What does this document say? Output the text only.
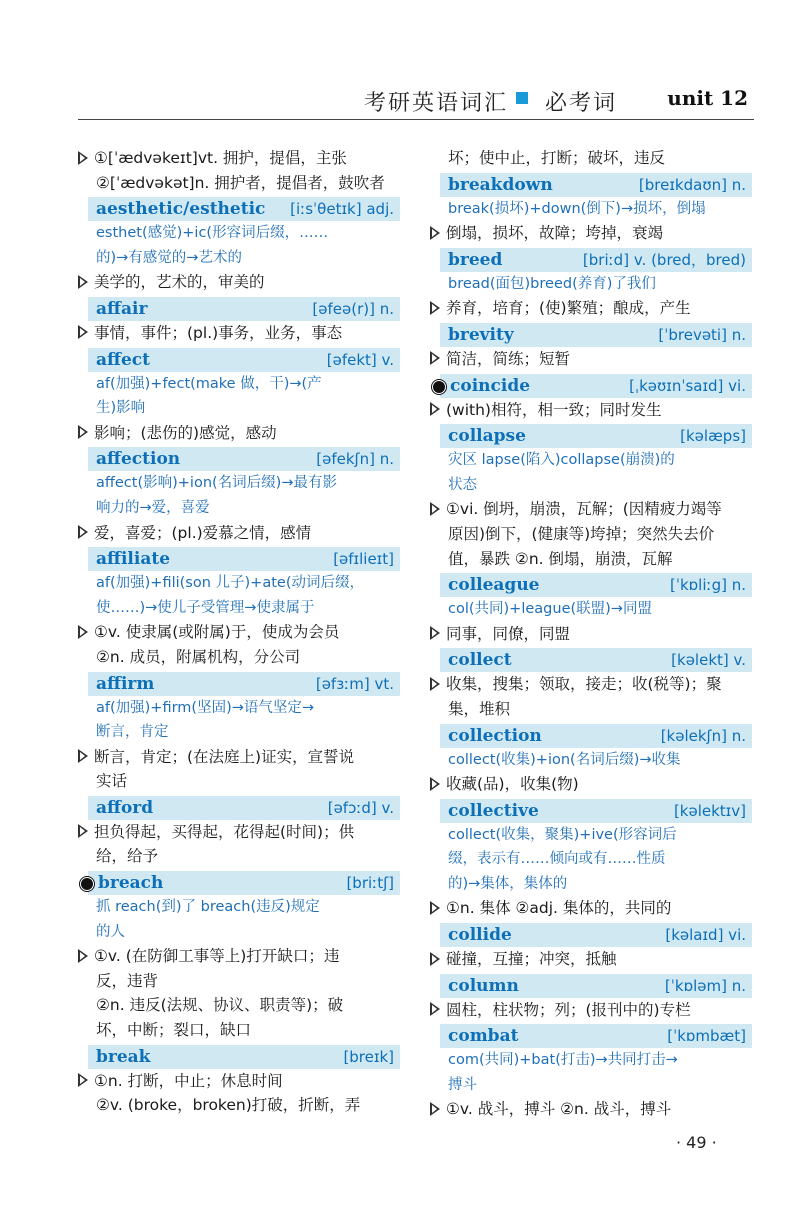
考研英语词汇 必考词	unit 12
①[ˈædvəkeɪt]vt. 拥护，提倡，主张
②[ˈædvəkət]n. 拥护者，提倡者，鼓吹者
aesthetic/esthetic [iːsˈθetɪk] adj.
esthet(感觉)+ic(形容词后缀，……
的)→有感觉的→艺术的
美学的，艺术的，审美的
affair	[əfeə(r)] n.
事情，事件；(pl.)事务，业务，事态
affect	[əfekt] v.
af(加强)+fect(make 做，干)→(产
生)影响
影响；(悲伤的)感觉，感动
affection	[əfekʃn] n.
affect(影响)+ion(名词后缀)→最有影
响力的→爱，喜爱
爱，喜爱；(pl.)爱慕之情，感情
affiliate	[əfɪlieɪt]
af(加强)+fili(son 儿子)+ate(动词后缀，
使……)→使儿子受管理→使隶属于
①v. 使隶属(或附属)于，使成为会员
②n. 成员，附属机构，分公司
affirm	[əfɜːm] vt.
af(加强)+firm(坚固)→语气坚定→
断言，肯定
断言，肯定；(在法庭上)证实，宣誓说
实话
afford	[əfɔːd] v.
担负得起，买得起，花得起(时间)；供
给，给予
breach	[briːtʃ]
抓 reach(到)了 breach(违反)规定
的人
①v. (在防御工事等上)打开缺口；违
反，违背
②n. 违反(法规、协议、职责等)；破
坏，中断；裂口，缺口
break	[breɪk]
①n. 打断，中止；休息时间
②v. (broke，broken)打破，折断，弄
坏；使中止，打断；破坏，违反
breakdown	[breɪkdaʊn] n.
break(损坏)+down(倒下)→损坏，倒塌
倒塌，损坏，故障；垮掉，衰竭
breed	[briːd] v. (bred，bred)
bread(面包)breed(养育)了我们
养育，培育；(使)繁殖；酿成，产生
brevity	[ˈbrevəti] n.
简洁，简练；短暂
coincide	[ˌkəʊɪnˈsaɪd] vi.
(with)相符，相一致；同时发生
collapse	[kəlæps]
灾区 lapse(陷入)collapse(崩溃)的
状态
①vi. 倒坍，崩溃，瓦解；(因精疲力竭等
原因)倒下，(健康等)垮掉；突然失去价
值，暴跌 ②n. 倒塌，崩溃，瓦解
colleague	[ˈkɒliːg] n.
col(共同)+league(联盟)→同盟
同事，同僚，同盟
collect	[kəlekt] v.
收集，搜集；领取，接走；收(税等)；聚
集，堆积
collection	[kəlekʃn] n.
collect(收集)+ion(名词后缀)→收集
收藏(品)，收集(物)
collective	[kəlektɪv]
collect(收集，聚集)+ive(形容词后
缀，表示有……倾向或有……性质
的)→集体，集体的
①n. 集体 ②adj. 集体的，共同的
collide	[kəlaɪd] vi.
碰撞，互撞；冲突，抵触
column	[ˈkɒləm] n.
圆柱，柱状物；列；(报刊中的)专栏
combat	[ˈkɒmbæt]
com(共同)+bat(打击)→共同打击→
搏斗
①v. 战斗，搏斗 ②n. 战斗，搏斗
· 49 ·
